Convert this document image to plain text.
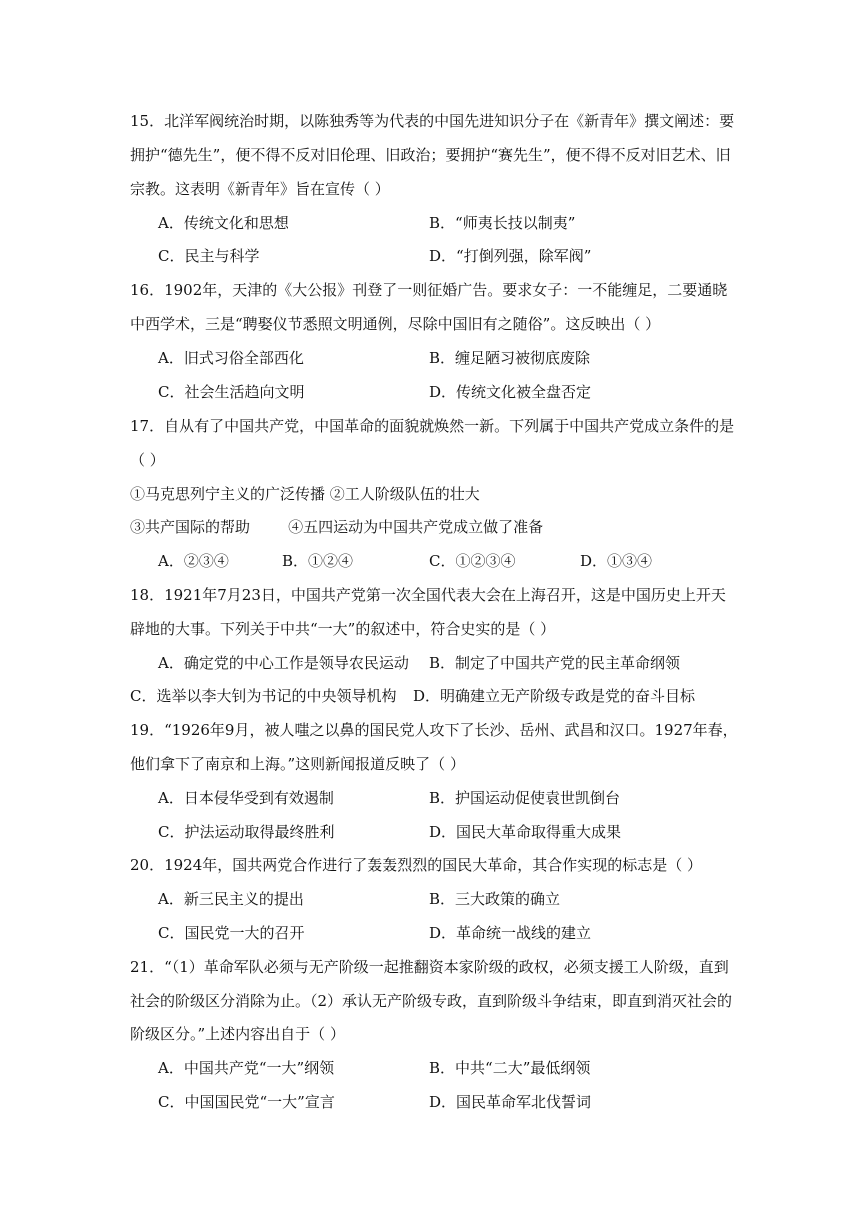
15．北洋军阀统治时期，以陈独秀等为代表的中国先进知识分子在《新青年》撰文阐述：要
拥护“德先生”，便不得不反对旧伦理、旧政治；要拥护“赛先生”，便不得不反对旧艺术、旧
宗教。这表明《新青年》旨在宣传（ ）
A．传统文化和思想	B．“师夷长技以制夷”
C．民主与科学	D．“打倒列强，除军阀”
16．1902年，天津的《大公报》刊登了一则征婚广告。要求女子：一不能缠足，二要通晓
中西学术，三是“聘娶仪节悉照文明通例，尽除中国旧有之随俗”。这反映出（ ）
A．旧式习俗全部西化	B．缠足陋习被彻底废除
C．社会生活趋向文明	D．传统文化被全盘否定
17．自从有了中国共产党，中国革命的面貌就焕然一新。下列属于中国共产党成立条件的是
（ ）
①马克思列宁主义的广泛传播 ②工人阶级队伍的壮大
③共产国际的帮助        ④五四运动为中国共产党成立做了准备
A．②③④	B．①②④	C．①②③④	D．①③④
18．1921年7月23日，中国共产党第一次全国代表大会在上海召开，这是中国历史上开天
辟地的大事。下列关于中共“一大”的叙述中，符合史实的是（ ）
A．确定党的中心工作是领导农民运动 B．制定了中国共产党的民主革命纲领
C．选举以李大钊为书记的中央领导机构 D．明确建立无产阶级专政是党的奋斗目标
19．“1926年9月，被人嗤之以鼻的国民党人攻下了长沙、岳州、武昌和汉口。1927年春，
他们拿下了南京和上海。”这则新闻报道反映了（ ）
A．日本侵华受到有效遏制	B．护国运动促使袁世凯倒台
C．护法运动取得最终胜利	D．国民大革命取得重大成果
20．1924年，国共两党合作进行了轰轰烈烈的国民大革命，其合作实现的标志是（ ）
A．新三民主义的提出	B．三大政策的确立
C．国民党一大的召开	D．革命统一战线的建立
21．“（1）革命军队必须与无产阶级一起推翻资本家阶级的政权，必须支援工人阶级，直到
社会的阶级区分消除为止。（2）承认无产阶级专政，直到阶级斗争结束，即直到消灭社会的
阶级区分。”上述内容出自于（ ）
A．中国共产党“一大”纲领	B．中共“二大”最低纲领
C．中国国民党“一大”宣言	D．国民革命军北伐誓词
